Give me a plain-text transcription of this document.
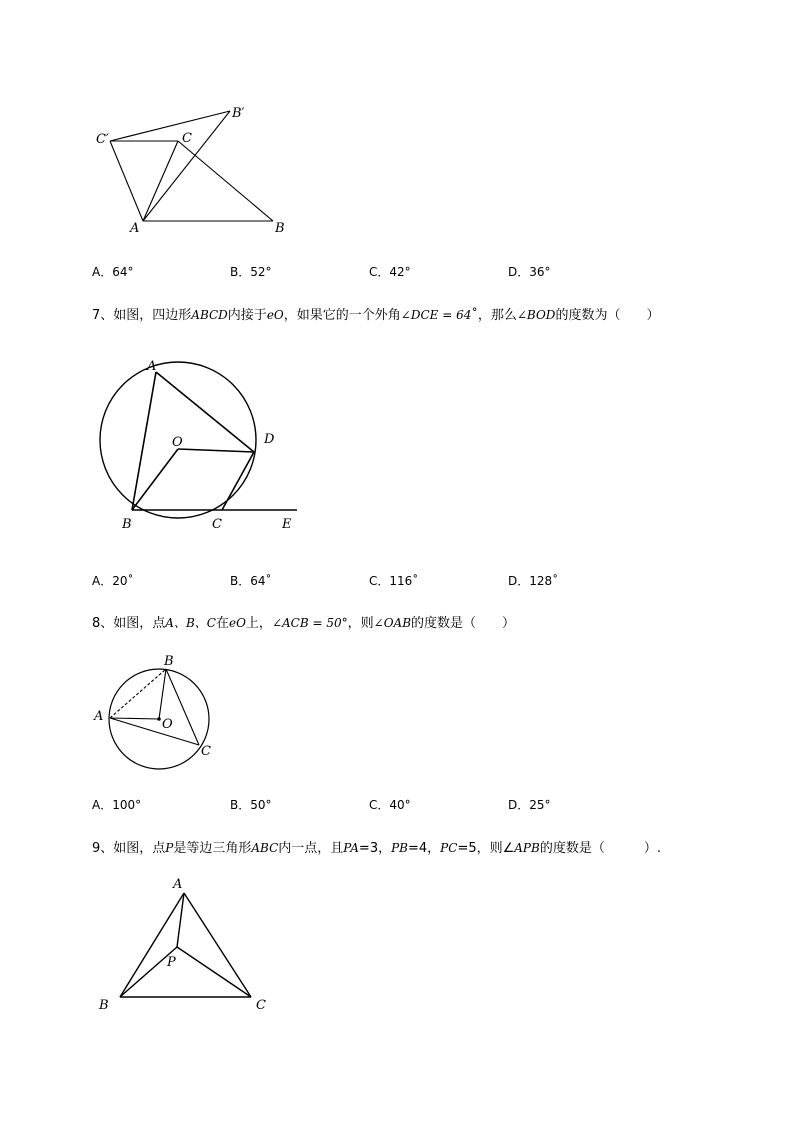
C′	C
B′
A	B
A．64°	B．52°	C．42°	D．36°
7、如图，四边形ABCD内接于eO，如果它的一个外角∠DCE = 64˚，那么∠BOD的度数为（　　）
A
O	D
B	C	E
A．20˚	B．64˚	C．116˚	D．128˚
8、如图，点A、B、C在eO上，∠ACB = 50°，则∠OAB的度数是（　　）
A
B
O
C
A．100°	B．50°	C．40°	D．25°
9、如图，点P是等边三角形ABC内一点，且PA=3，PB=4，PC=5，则∠APB的度数是（　　　）.
A
P
B	C
